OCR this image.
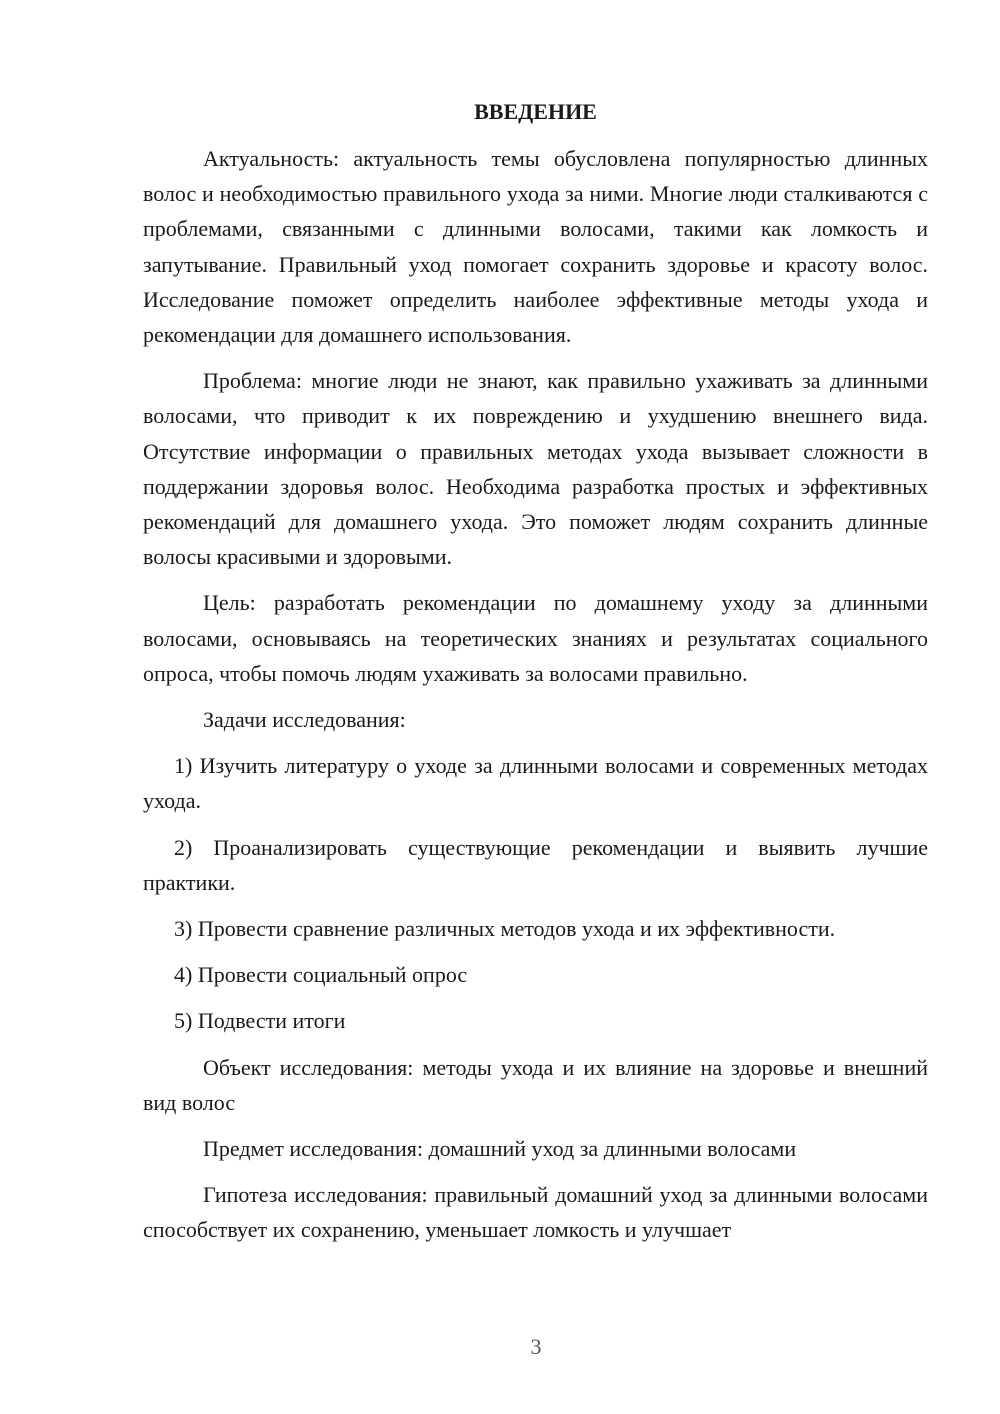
ВВЕДЕНИЕ

Актуальность: актуальность темы обусловлена популярностью длинных волос и необходимостью правильного ухода за ними. Многие люди сталкиваются с проблемами, связанными с длинными волосами, такими как ломкость и запутывание. Правильный уход помогает сохранить здоровье и красоту волос. Исследование поможет определить наиболее эффективные методы ухода и рекомендации для домашнего использования.

Проблема: многие люди не знают, как правильно ухаживать за длинными волосами, что приводит к их повреждению и ухудшению внешнего вида. Отсутствие информации о правильных методах ухода вызывает сложности в поддержании здоровья волос. Необходима разработка простых и эффективных рекомендаций для домашнего ухода. Это поможет людям сохранить длинные волосы красивыми и здоровыми.

Цель: разработать рекомендации по домашнему уходу за длинными волосами, основываясь на теоретических знаниях и результатах социального опроса, чтобы помочь людям ухаживать за волосами правильно.

Задачи исследования:

1) Изучить литературу о уходе за длинными волосами и современных методах ухода.

2) Проанализировать существующие рекомендации и выявить лучшие практики.

3) Провести сравнение различных методов ухода и их эффективности.

4) Провести социальный опрос

5) Подвести итоги

Объект исследования: методы ухода и их влияние на здоровье и внешний вид волос

Предмет исследования: домашний уход за длинными волосами

Гипотеза исследования: правильный домашний уход за длинными волосами способствует их сохранению, уменьшает ломкость и улучшает

3
